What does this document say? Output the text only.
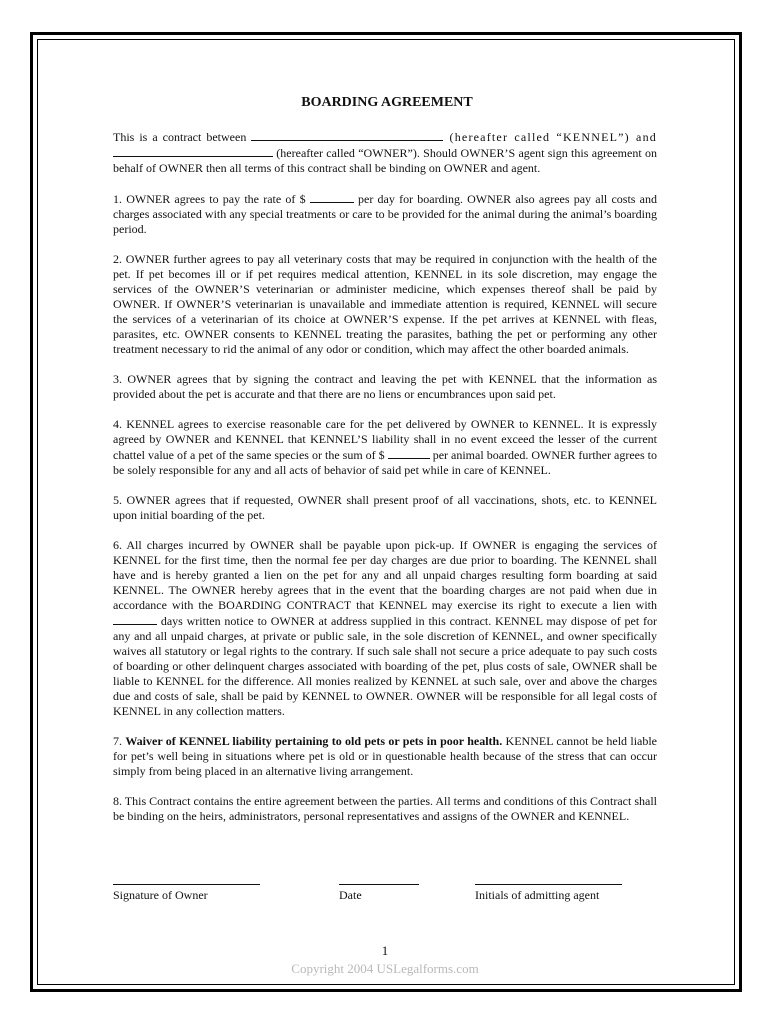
BOARDING AGREEMENT
This is a contract between	(hereafter called “KENNEL”) and  (hereafter called “OWNER”). Should OWNER’S agent sign this agreement on behalf of OWNER then all terms of this contract shall be binding on OWNER and agent.
1. OWNER agrees to pay the rate of $	per day for boarding. OWNER also agrees pay all costs and charges associated with any special treatments or care to be provided for the animal during the animal’s boarding period.
2. OWNER further agrees to pay all veterinary costs that may be required in conjunction with the health of the pet. If pet becomes ill or if pet requires medical attention, KENNEL in its sole discretion, may engage the services of the OWNER’S veterinarian or administer medicine, which expenses thereof shall be paid by OWNER. If OWNER’S veterinarian is unavailable and immediate attention is required, KENNEL will secure the services of a veterinarian of its choice at OWNER’S expense. If the pet arrives at KENNEL with fleas, parasites, etc. OWNER consents to KENNEL treating the parasites, bathing the pet or performing any other treatment necessary to rid the animal of any odor or condition, which may affect the other boarded animals.
3. OWNER agrees that by signing the contract and leaving the pet with KENNEL that the information as provided about the pet is accurate and that there are no liens or encumbrances upon said pet.
4. KENNEL agrees to exercise reasonable care for the pet delivered by OWNER to KENNEL. It is expressly agreed by OWNER and KENNEL that KENNEL’S liability shall in no event exceed the lesser of the current chattel value of a pet of the same species or the sum of $	per animal boarded. OWNER further agrees to be solely responsible for any and all acts of behavior of said pet while in care of KENNEL.
5. OWNER agrees that if requested, OWNER shall present proof of all vaccinations, shots, etc. to KENNEL upon initial boarding of the pet.
6. All charges incurred by OWNER shall be payable upon pick-up. If OWNER is engaging the services of KENNEL for the first time, then the normal fee per day charges are due prior to boarding. The KENNEL shall have and is hereby granted a lien on the pet for any and all unpaid charges resulting form boarding at said KENNEL. The OWNER hereby agrees that in the event that the boarding charges are not paid when due in accordance with the BOARDING CONTRACT that KENNEL may exercise its right to execute a lien with  days written notice to OWNER at address supplied in this contract. KENNEL may dispose of pet for any and all unpaid charges, at private or public sale, in the sole discretion of KENNEL, and owner specifically waives all statutory or legal rights to the contrary. If such sale shall not secure a price adequate to pay such costs of boarding or other delinquent charges associated with boarding of the pet, plus costs of sale, OWNER shall be liable to KENNEL for the difference. All monies realized by KENNEL at such sale, over and above the charges due and costs of sale, shall be paid by KENNEL to OWNER. OWNER will be responsible for all legal costs of KENNEL in any collection matters.
7. Waiver of KENNEL liability pertaining to old pets or pets in poor health. KENNEL cannot be held liable for pet’s well being in situations where pet is old or in questionable health because of the stress that can occur simply from being placed in an alternative living arrangement.
8. This Contract contains the entire agreement between the parties. All terms and conditions of this Contract shall be binding on the heirs, administrators, personal representatives and assigns of the OWNER and KENNEL.
Signature of Owner	Date	Initials of admitting agent
1
Copyright 2004 USLegalforms.com
